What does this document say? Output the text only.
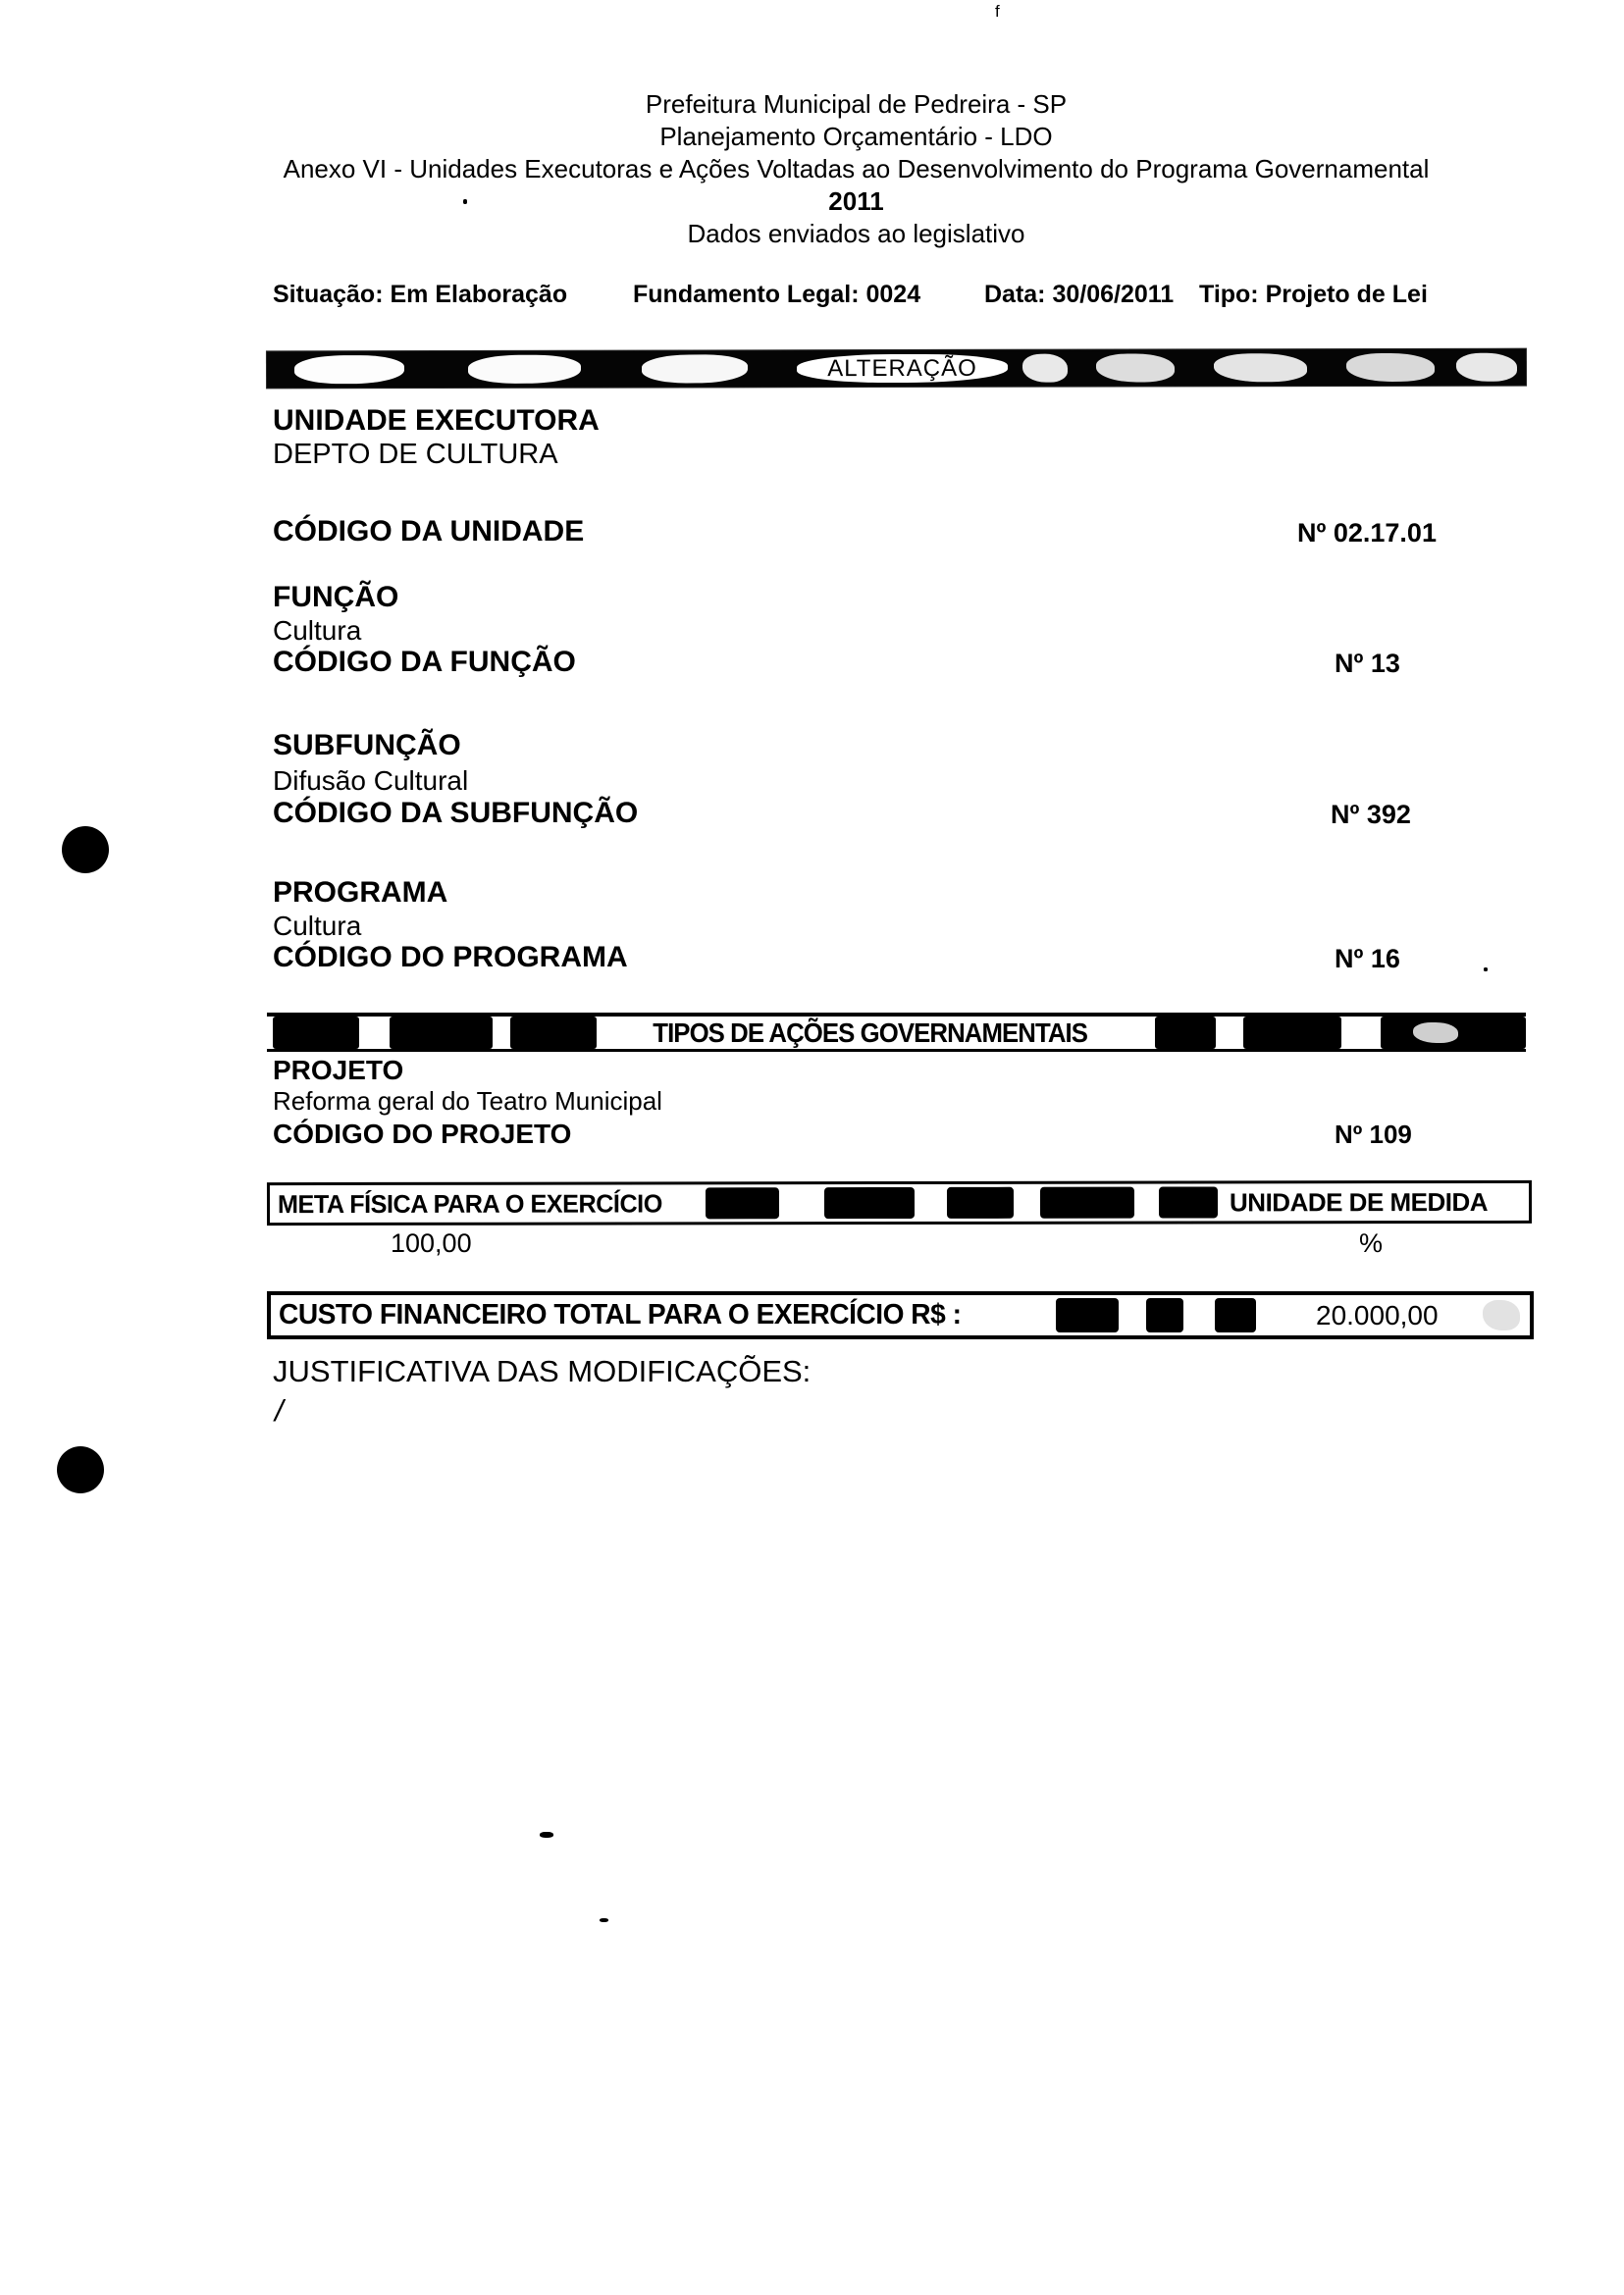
f
Prefeitura Municipal de Pedreira - SP
Planejamento Orçamentário - LDO
Anexo VI - Unidades Executoras e Ações Voltadas ao Desenvolvimento do Programa Governamental
2011
Dados enviados ao legislativo
Situação: Em Elaboração	Fundamento Legal: 0024	Data: 30/06/2011 Tipo: Projeto de Lei
ALTERAÇÃO
UNIDADE EXECUTORA
DEPTO DE CULTURA
CÓDIGO DA UNIDADE	Nº 02.17.01
FUNÇÃO
Cultura
CÓDIGO DA FUNÇÃO	Nº 13
SUBFUNÇÃO
Difusão Cultural
CÓDIGO DA SUBFUNÇÃO	Nº 392
PROGRAMA
Cultura
CÓDIGO DO PROGRAMA	Nº 16
TIPOS DE AÇÕES GOVERNAMENTAIS
PROJETO
Reforma geral do Teatro Municipal
CÓDIGO DO PROJETO	Nº 109
META FÍSICA PARA O EXERCÍCIO	UNIDADE DE MEDIDA
100,00	%
CUSTO FINANCEIRO TOTAL PARA O EXERCÍCIO R$ :	20.000,00
JUSTIFICATIVA DAS MODIFICAÇÕES:
/
